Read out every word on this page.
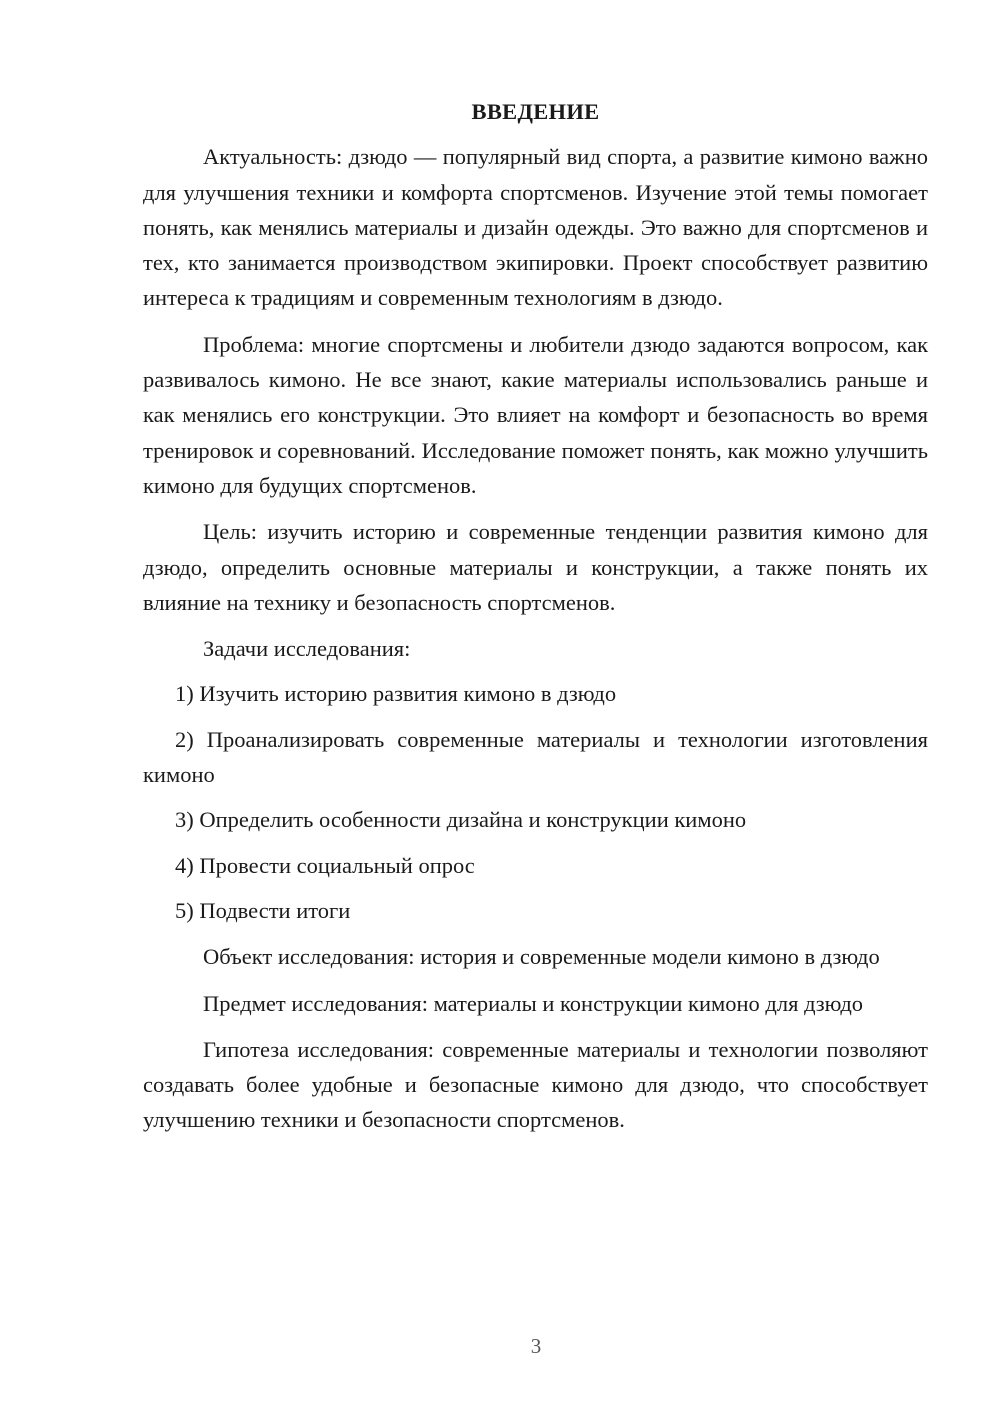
ВВЕДЕНИЕ

Актуальность: дзюдо — популярный вид спорта, а развитие кимоно важно для улучшения техники и комфорта спортсменов. Изучение этой темы помогает понять, как менялись материалы и дизайн одежды. Это важно для спортсменов и тех, кто занимается производством экипировки. Проект способствует развитию интереса к традициям и современным технологиям в дзюдо.

Проблема: многие спортсмены и любители дзюдо задаются вопросом, как развивалось кимоно. Не все знают, какие материалы использовались раньше и как менялись его конструкции. Это влияет на комфорт и безопасность во время тренировок и соревнований. Исследование поможет понять, как можно улучшить кимоно для будущих спортсменов.

Цель: изучить историю и современные тенденции развития кимоно для дзюдо, определить основные материалы и конструкции, а также понять их влияние на технику и безопасность спортсменов.

Задачи исследования:

1) Изучить историю развития кимоно в дзюдо

2) Проанализировать современные материалы и технологии изготовления кимоно

3) Определить особенности дизайна и конструкции кимоно

4) Провести социальный опрос

5) Подвести итоги

Объект исследования: история и современные модели кимоно в дзюдо

Предмет исследования: материалы и конструкции кимоно для дзюдо

Гипотеза исследования: современные материалы и технологии позволяют создавать более удобные и безопасные кимоно для дзюдо, что способствует улучшению техники и безопасности спортсменов.

3
